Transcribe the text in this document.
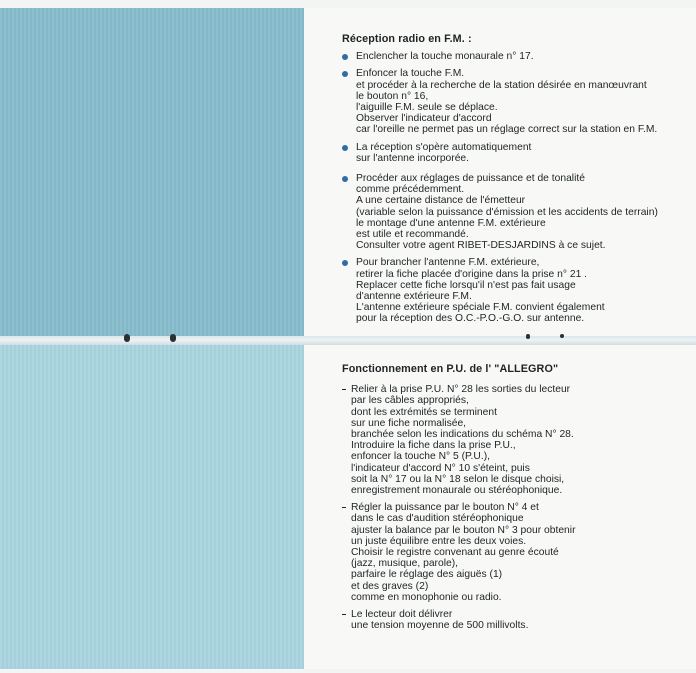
Réception radio en F.M. :
Enclencher la touche monaurale n° 17.
Enfoncer la touche F.M.
et procéder à la recherche de la station désirée en manœuvrant
le bouton n° 16,
l'aiguille F.M. seule se déplace.
Observer l'indicateur d'accord
car l'oreille ne permet pas un réglage correct sur la station en F.M.
La réception s'opère automatiquement
sur l'antenne incorporée.
Procéder aux réglages de puissance et de tonalité
comme précédemment.
A une certaine distance de l'émetteur
(variable selon la puissance d'émission et les accidents de terrain)
le montage d'une antenne F.M. extérieure
est utile et recommandé.
Consulter votre agent RIBET-DESJARDINS à ce sujet.
Pour brancher l'antenne F.M. extérieure,
retirer la fiche placée d'origine dans la prise n° 21 .
Replacer cette fiche lorsqu'il n'est pas fait usage
d'antenne extérieure F.M.
L'antenne extérieure spéciale F.M. convient également
pour la réception des O.C.-P.O.-G.O. sur antenne.
Fonctionnement en P.U. de l' "ALLEGRO"
Relier à la prise P.U. N° 28 les sorties du lecteur
par les câbles appropriés,
dont les extrémités se terminent
sur une fiche normalisée,
branchée selon les indications du schéma N° 28.
Introduire la fiche dans la prise P.U.,
enfoncer la touche N° 5 (P.U.),
l'indicateur d'accord N° 10 s'éteint, puis
soit la N° 17 ou la N° 18 selon le disque choisi,
enregistrement monaurale ou stéréophonique.
Régler la puissance par le bouton N° 4 et
dans le cas d'audition stéréophonique
ajuster la balance par le bouton N° 3 pour obtenir
un juste équilibre entre les deux voies.
Choisir le registre convenant au genre écouté
(jazz, musique, parole),
parfaire le réglage des aiguës (1)
et des graves (2)
comme en monophonie ou radio.
Le lecteur doit délivrer
une tension moyenne de 500 millivolts.
